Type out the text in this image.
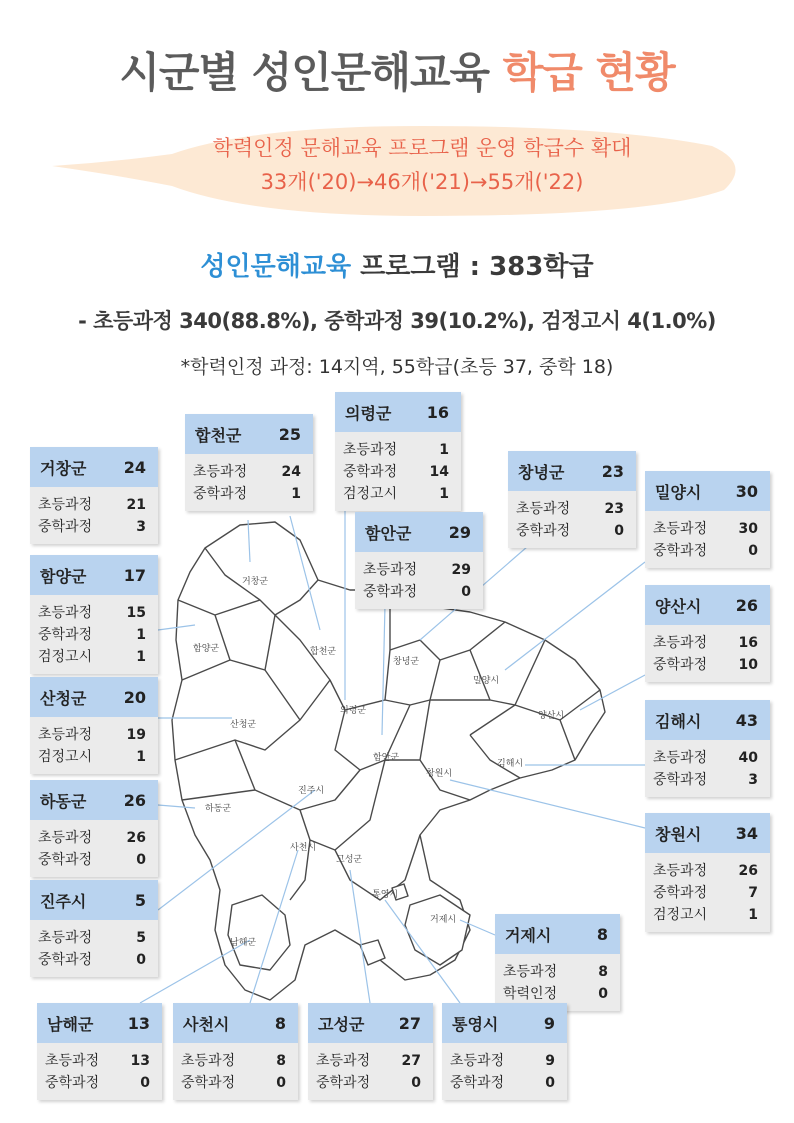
시군별 성인문해교육 학급 현황
학력인정 문해교육 프로그램 운영 학급수 확대
33개('20)→46개('21)→55개('22)
성인문해교육 프로그램 : 383학급
- 초등과정 340(88.8%), 중학과정 39(10.2%), 검정고시 4(1.0%)
*학력인정 과정: 14지역, 55학급(초등 37, 중학 18)
거창군
함양군	합천군
창녕군
밀양시
양산시
의령군
산청군
함안군
창원시
김해시
진주시
하동군
사천시
고성군
통영시
거제시
남해군
거창군 24
초등과정 21
중학과정	3
합천군 25
초등과정 24
중학과정	1
의령군 16
초등과정	1
중학과정 14
검정고시	1
창녕군 23
초등과정 23
중학과정	0
밀양시 30
초등과정 30
중학과정	0
함안군 29
초등과정 29
중학과정	0
함양군 17
초등과정 15
중학과정	1
검정고시	1
양산시 26
초등과정 16
중학과정 10
산청군 20
초등과정 19
검정고시	1
김해시 43
초등과정 40
중학과정	3
하동군 26
초등과정 26
중학과정	0
창원시 34
초등과정 26
중학과정	7
검정고시	1
진주시	5
초등과정	5
중학과정	0
거제시	8
초등과정	8
학력인정	0
남해군 13
초등과정 13
중학과정	0
사천시	8
초등과정	8
중학과정	0
고성군 27
초등과정 27
중학과정	0
통영시	9
초등과정	9
중학과정	0
